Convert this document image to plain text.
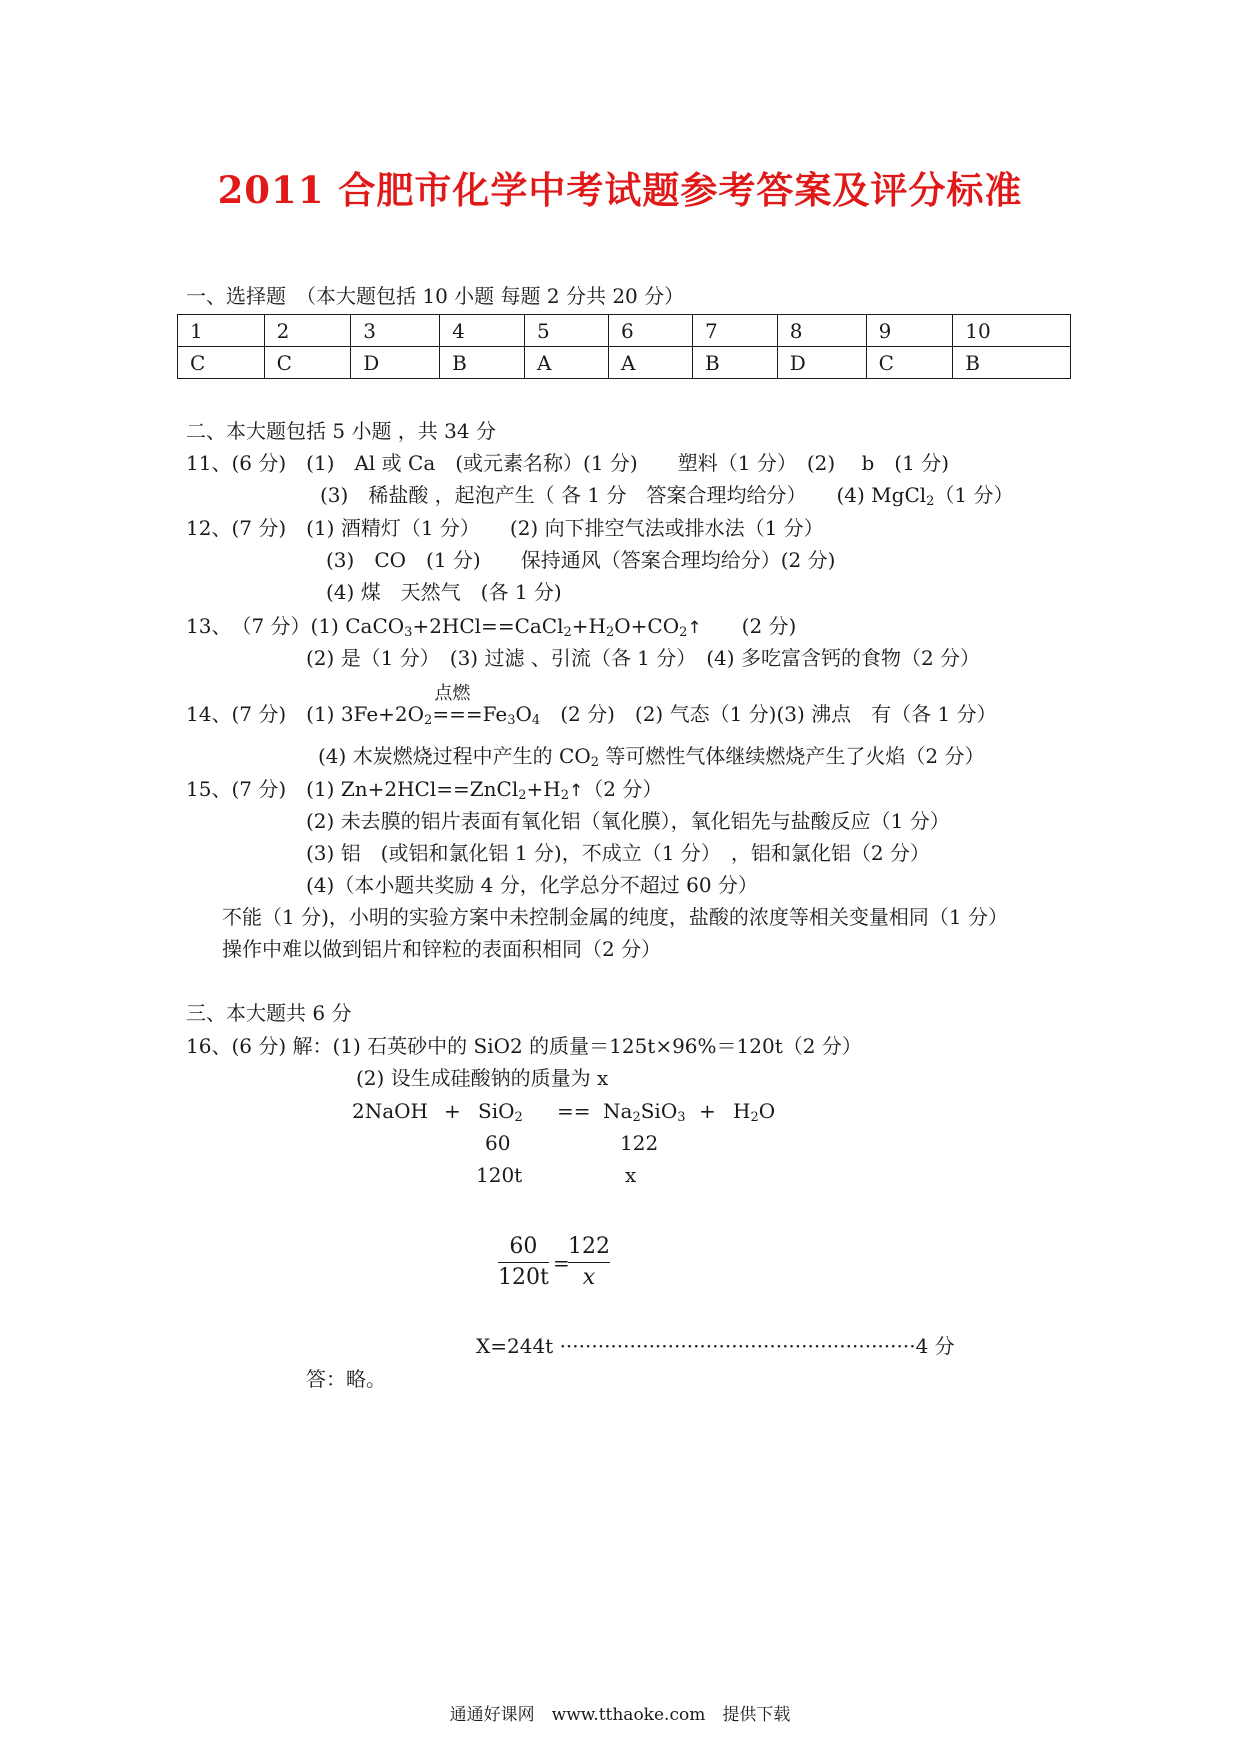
2011 合肥市化学中考试题参考答案及评分标准
一、选择题　（本大题包括 10 小题 每题 2 分共 20 分）
1	2	3	4	5	6	7	8	9	10
C	C	D	B	A	A	B	D	C	B
二、本大题包括 5 小题 ，共 34 分
11、(6 分)　(1)　Al 或 Ca　(或元素名称）(1 分)　　塑料（1 分）　(2)　 b　(1 分)
(3)　稀盐酸 ，起泡产生（ 各 1 分　答案合理均给分）　　(4) MgCl$_2$（1 分）
12、(7 分)　(1) 酒精灯（1 分）　　(2) 向下排空气法或排水法（1 分）
(3)　CO　(1 分)　　保持通风（答案合理均给分）(2 分)
(4) 煤　天然气　(各 1 分)
13、　（7 分）(1) $CaCO_3+2HCl==CaCl_2+H_2O+CO_2↑$　　(2 分)
(2) 是（1 分）　(3) 过滤 、引流（各 1 分）　(4) 多吃富含钙的食物（2 分）
14、(7 分)　(1) $3Fe+2O_2$
点燃
$===Fe_3O_4$　(2 分)　(2) 气态（1 分)(3) 沸点　有（各 1 分）
(4) 木炭燃烧过程中产生的 $CO_2$ 等可燃性气体继续燃烧产生了火焰（2 分）
15、(7 分)　(1) $Zn+2HCl==ZnCl_2+H_2↑(2$ 分）
(2) 未去膜的铝片表面有氧化铝（氧化膜），氧化铝先与盐酸反应（1 分）
(3) 铝　(或铝和氯化铝 1 分)，不成立（1 分）　，铝和氯化铝（2 分）
(4)（本小题共奖励 4 分，化学总分不超过 60 分）
不能（1 分)，小明的实验方案中未控制金属的纯度，盐酸的浓度等相关变量相同（1 分）
操作中难以做到铝片和锌粒的表面积相同（2 分）
三、本大题共 6 分
16、(6 分) 解：(1) 石英砂中的 SiO2 的质量＝125t×96%＝120t（2 分）
(2) 设生成硅酸钠的质量为 x
2NaOH + $SiO_2 == Na_2SiO_3 + H_2O$
60	122
120t	x
60
120t
=
122
x
X=244t ························································4 分
答：略。
通通好课网　www.tthaoke.com　提供下载
